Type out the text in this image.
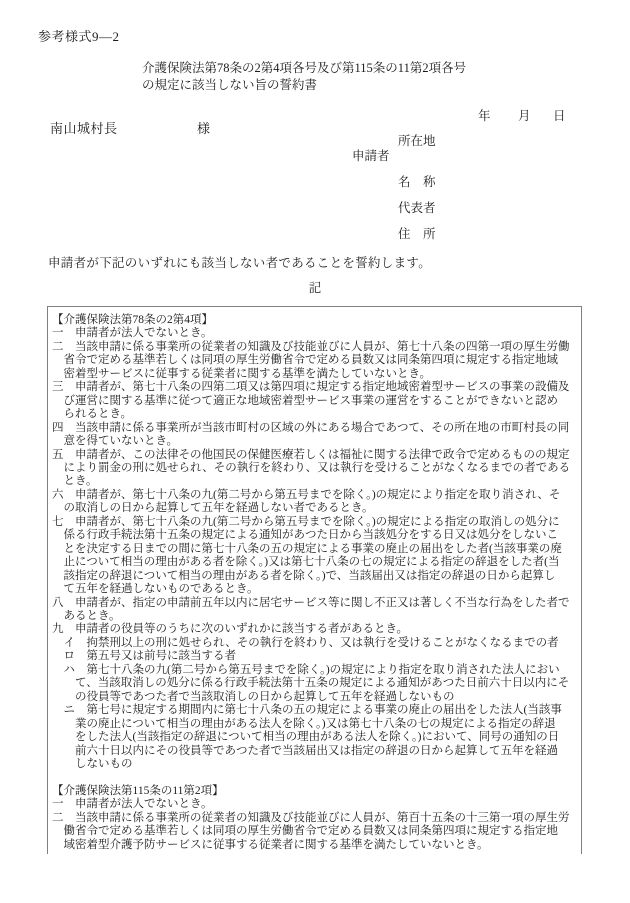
参考様式9—2
介護保険法第78条の2第4項各号及び第115条の11第2項各号
の規定に該当しない旨の誓約書
年 月 日
南山城村長	様
申請者
所在地
名　称
代表者
住　所
申請者が下記のいずれにも該当しない者であることを誓約します。
記
【介護保険法第78条の2第4項】
一　申請者が法人でないとき。
二　当該申請に係る事業所の従業者の知識及び技能並びに人員が、第七十八条の四第一項の厚生労働
　省令で定める基準若しくは同項の厚生労働省令で定める員数又は同条第四項に規定する指定地域
　密着型サービスに従事する従業者に関する基準を満たしていないとき。
三　申請者が、第七十八条の四第二項又は第四項に規定する指定地域密着型サービスの事業の設備及
　び運営に関する基準に従つて適正な地域密着型サービス事業の運営をすることができないと認め
　られるとき。
四　当該申請に係る事業所が当該市町村の区域の外にある場合であつて、その所在地の市町村長の同
　意を得ていないとき。
五　申請者が、この法律その他国民の保健医療若しくは福祉に関する法律で政令で定めるものの規定
　により罰金の刑に処せられ、その執行を終わり、又は執行を受けることがなくなるまでの者である
　とき。
六　申請者が、第七十八条の九(第二号から第五号までを除く。)の規定により指定を取り消され、そ
　の取消しの日から起算して五年を経過しない者であるとき。
七　申請者が、第七十八条の九(第二号から第五号までを除く。)の規定による指定の取消しの処分に
　係る行政手続法第十五条の規定による通知があつた日から当該処分をする日又は処分をしないこ
　とを決定する日までの間に第七十八条の五の規定による事業の廃止の届出をした者(当該事業の廃
　止について相当の理由がある者を除く。)又は第七十八条の七の規定による指定の辞退をした者(当
　該指定の辞退について相当の理由がある者を除く。)で、当該届出又は指定の辞退の日から起算し
　て五年を経過しないものであるとき。
八　申請者が、指定の申請前五年以内に居宅サービス等に関し不正又は著しく不当な行為をした者で
　あるとき。
九　申請者の役員等のうちに次のいずれかに該当する者があるとき。
　イ　拘禁刑以上の刑に処せられ、その執行を終わり、又は執行を受けることがなくなるまでの者
　ロ　第五号又は前号に該当する者
　ハ　第七十八条の九(第二号から第五号までを除く。)の規定により指定を取り消された法人におい
　　て、当該取消しの処分に係る行政手続法第十五条の規定による通知があつた日前六十日以内にそ
　　の役員等であつた者で当該取消しの日から起算して五年を経過しないもの
　ニ　第七号に規定する期間内に第七十八条の五の規定による事業の廃止の届出をした法人(当該事
　　業の廃止について相当の理由がある法人を除く。)又は第七十八条の七の規定による指定の辞退
　　をした法人(当該指定の辞退について相当の理由がある法人を除く。)において、同号の通知の日
　　前六十日以内にその役員等であつた者で当該届出又は指定の辞退の日から起算して五年を経過
　　しないもの
【介護保険法第115条の11第2項】
一　申請者が法人でないとき。
二　当該申請に係る事業所の従業者の知識及び技能並びに人員が、第百十五条の十三第一項の厚生労
　働省令で定める基準若しくは同項の厚生労働省令で定める員数又は同条第四項に規定する指定地
　域密着型介護予防サービスに従事する従業者に関する基準を満たしていないとき。
